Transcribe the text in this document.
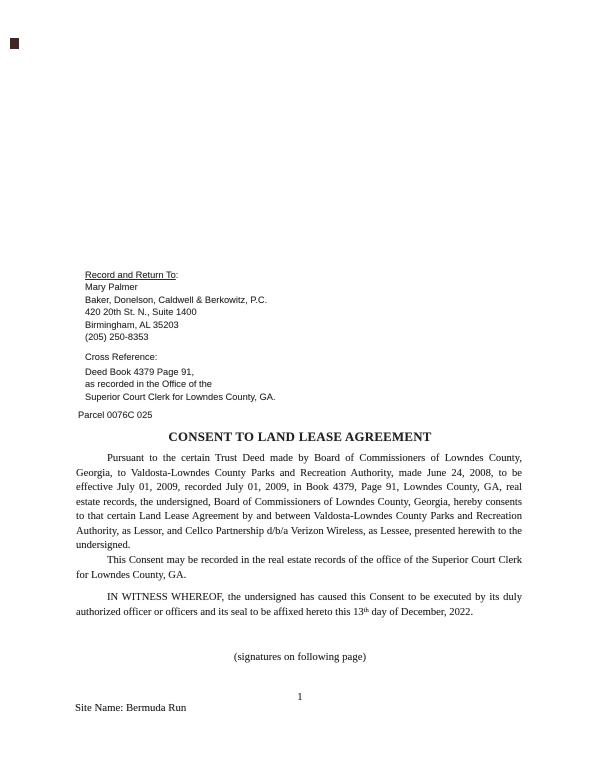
Record and Return To:
Mary Palmer
Baker, Donelson, Caldwell & Berkowitz, P.C.
420 20th St. N., Suite 1400
Birmingham, AL 35203
(205) 250-8353
Cross Reference:
Deed Book 4379 Page 91,
as recorded in the Office of the
Superior Court Clerk for Lowndes County, GA.
Parcel 0076C 025
CONSENT TO LAND LEASE AGREEMENT

Pursuant to the certain Trust Deed made by Board of Commissioners of Lowndes County, Georgia, to Valdosta-Lowndes County Parks and Recreation Authority, made June 24, 2008, to be effective July 01, 2009, recorded July 01, 2009, in Book 4379, Page 91, Lowndes County, GA, real estate records, the undersigned, Board of Commissioners of Lowndes County, Georgia, hereby consents to that certain Land Lease Agreement by and between Valdosta-Lowndes County Parks and Recreation Authority, as Lessor, and Cellco Partnership d/b/a Verizon Wireless, as Lessee, presented herewith to the undersigned.

This Consent may be recorded in the real estate records of the office of the Superior Court Clerk for Lowndes County, GA.

IN WITNESS WHEREOF, the undersigned has caused this Consent to be executed by its duly authorized officer or officers and its seal to be affixed hereto this 13th day of December, 2022.

(signatures on following page)
1
Site Name: Bermuda Run
